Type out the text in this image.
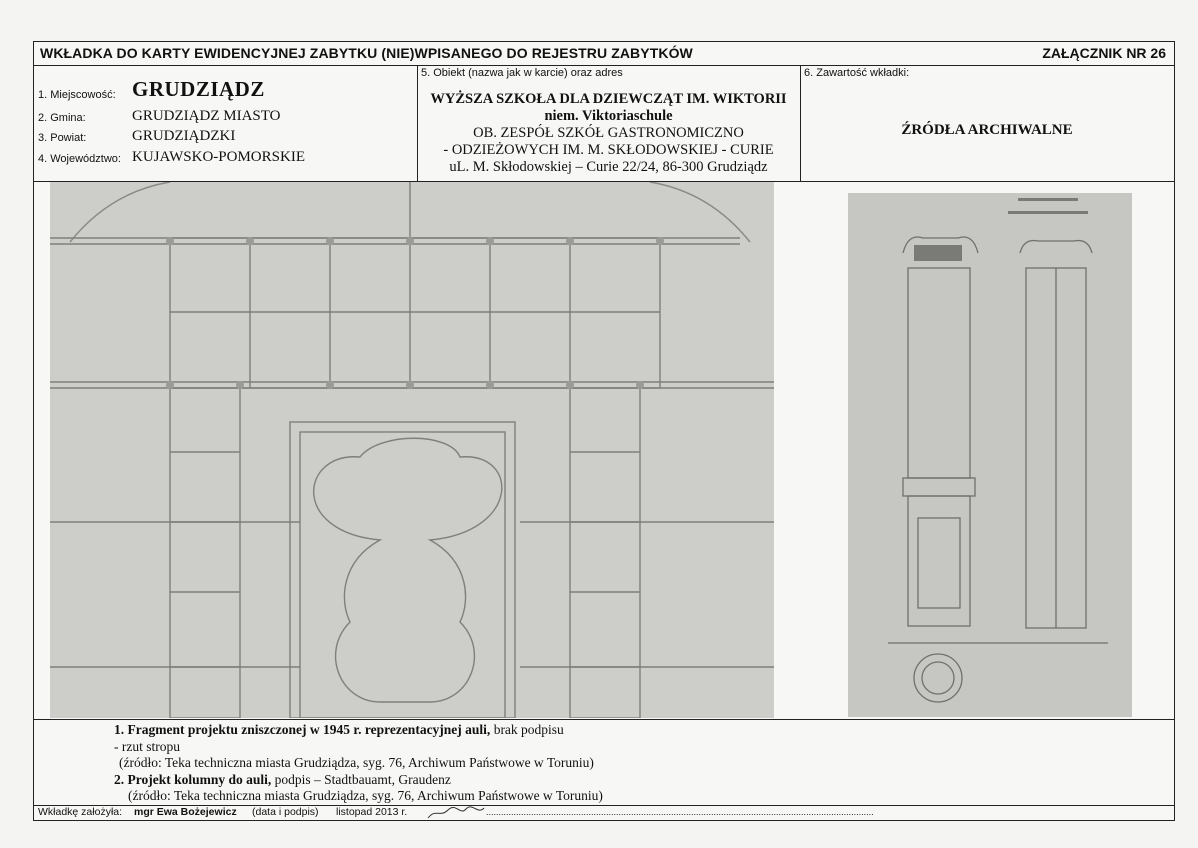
WKŁADKA DO KARTY EWIDENCYJNEJ ZABYTKU (NIE)WPISANEGO DO REJESTRU ZABYTKÓW	ZAŁĄCZNIK NR 26
1. Miejscowość: GRUDZIĄDZ
2. Gmina:	GRUDZIĄDZ MIASTO
3. Powiat:	GRUDZIĄDZKI
4. Województwo: KUJAWSKO-POMORSKIE
5. Obiekt (nazwa jak w karcie) oraz adres
WYŻSZA SZKOŁA DLA DZIEWCZĄT IM. WIKTORII
niem. Viktoriaschule
OB. ZESPÓŁ SZKÓŁ GASTRONOMICZNO
- ODZIEŻOWYCH IM. M. SKŁODOWSKIEJ - CURIE
uL. M. Skłodowskiej – Curie 22/24, 86-300 Grudziądz
6. Zawartość wkładki:
ŹRÓDŁA ARCHIWALNE
1. Fragment projektu zniszczonej w 1945 r. reprezentacyjnej auli, brak podpisu
- rzut stropu
(źródło: Teka techniczna miasta Grudziądza, syg. 76, Archiwum Państwowe w Toruniu)
2. Projekt kolumny do auli, podpis – Stadtbauamt, Graudenz
(źródło: Teka techniczna miasta Grudziądza, syg. 76, Archiwum Państwowe w Toruniu)
Wkładkę założyła: mgr Ewa Bożejewicz (data i podpis) listopad 2013 r.	...........................................................................................................................................................
